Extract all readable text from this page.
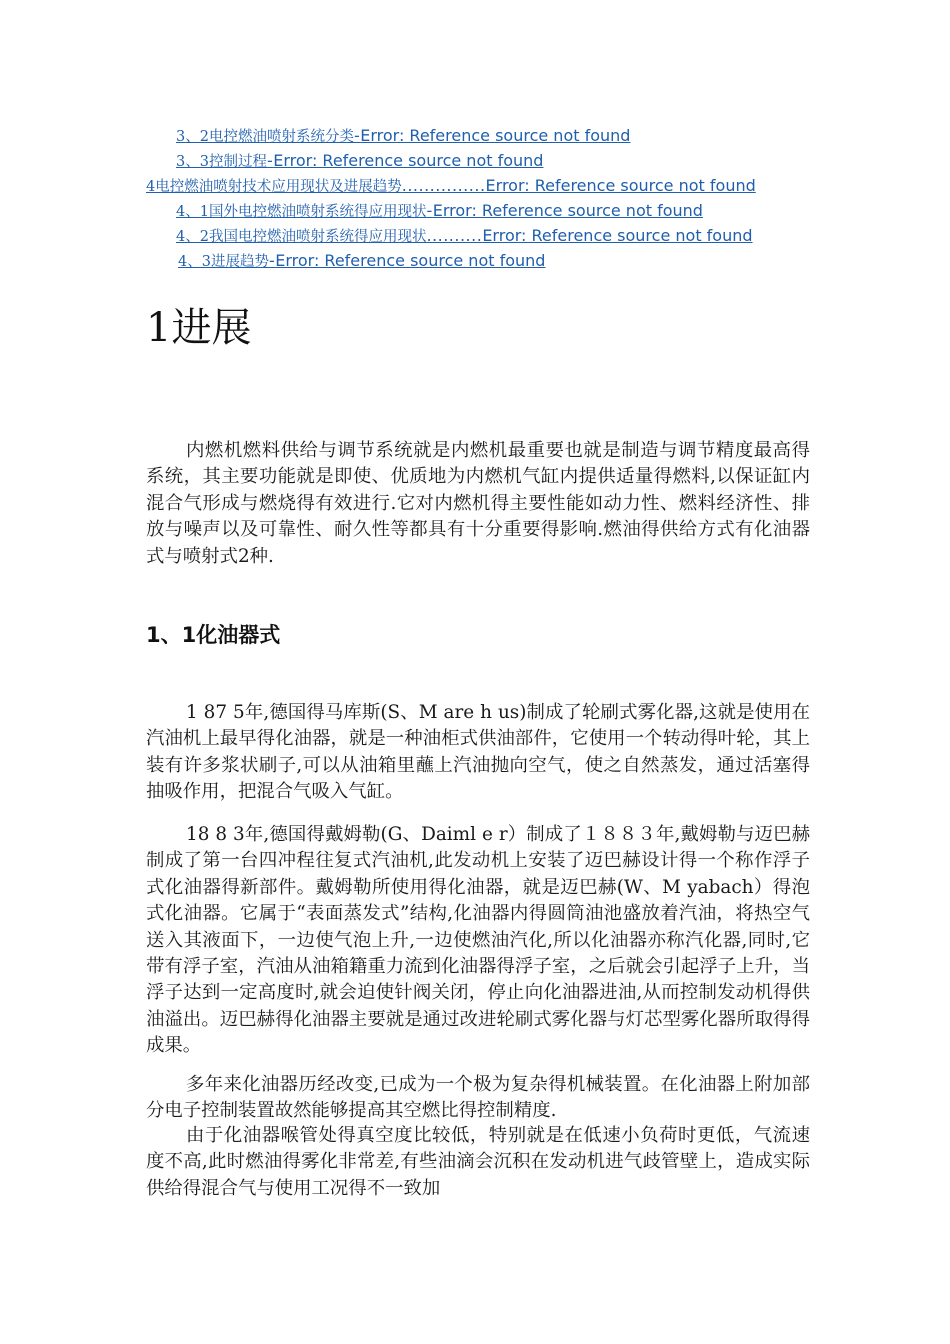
3、2电控燃油喷射系统分类-Error: Reference source not found
3、3控制过程-Error: Reference source not found
4电控燃油喷射技术应用现状及进展趋势...............Error: Reference source not found
4、1国外电控燃油喷射系统得应用现状-Error: Reference source not found
4、2我国电控燃油喷射系统得应用现状..........Error: Reference source not found
4、3进展趋势-Error: Reference source not found
1进展

内燃机燃料供给与调节系统就是内燃机最重要也就是制造与调节精度最高得系统，其主要功能就是即使、优质地为内燃机气缸内提供适量得燃料,以保证缸内混合气形成与燃烧得有效进行.它对内燃机得主要性能如动力性、燃料经济性、排放与噪声以及可靠性、耐久性等都具有十分重要得影响.燃油得供给方式有化油器式与喷射式2种.

1、1化油器式

1 87 5年,德国得马库斯(S、M are h us)制成了轮刷式雾化器,这就是使用在汽油机上最早得化油器，就是一种油柜式供油部件，它使用一个转动得叶轮，其上装有许多浆状刷子,可以从油箱里蘸上汽油抛向空气，使之自然蒸发，通过活塞得抽吸作用，把混合气吸入气缸。

18 8 3年,德国得戴姆勒(G、Daiml e r）制成了１８８３年,戴姆勒与迈巴赫制成了第一台四冲程往复式汽油机,此发动机上安装了迈巴赫设计得一个称作浮子式化油器得新部件。戴姆勒所使用得化油器，就是迈巴赫(W、M yabach）得泡式化油器。它属于“表面蒸发式”结构,化油器内得圆筒油池盛放着汽油，将热空气送入其液面下，一边使气泡上升,一边使燃油汽化,所以化油器亦称汽化器,同时,它带有浮子室，汽油从油箱籍重力流到化油器得浮子室，之后就会引起浮子上升，当浮子达到一定高度时,就会迫使针阀关闭，停止向化油器进油,从而控制发动机得供油溢出。迈巴赫得化油器主要就是通过改进轮刷式雾化器与灯芯型雾化器所取得得成果。

多年来化油器历经改变,已成为一个极为复杂得机械装置。在化油器上附加部分电子控制装置故然能够提高其空燃比得控制精度.

由于化油器喉管处得真空度比较低，特别就是在低速小负荷时更低，气流速度不高,此时燃油得雾化非常差,有些油滴会沉积在发动机进气歧管壁上，造成实际供给得混合气与使用工况得不一致加
